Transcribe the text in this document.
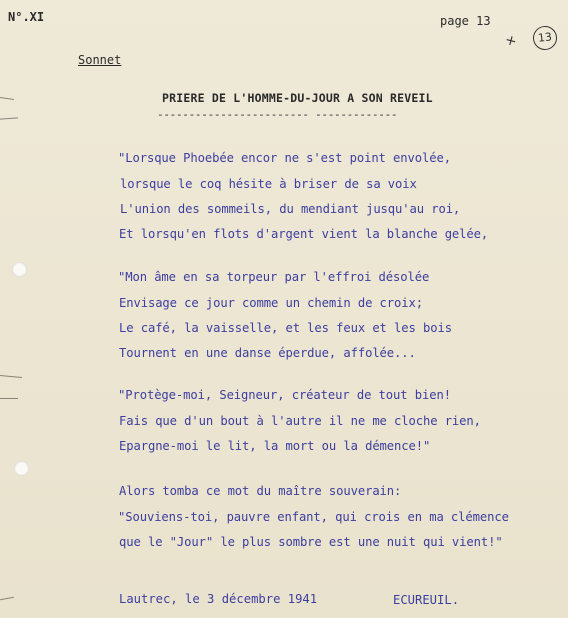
N°.XI	page 13
+	13
Sonnet
PRIERE DE L'HOMME-DU-JOUR A SON REVEIL
------------------------ -------------
"Lorsque Phoebée encor ne s'est point envolée,
lorsque le coq hésite à briser de sa voix
L'union des sommeils, du mendiant jusqu'au roi,
Et lorsqu'en flots d'argent vient la blanche gelée,
"Mon âme en sa torpeur par l'effroi désolée
Envisage ce jour comme un chemin de croix;
Le café, la vaisselle, et les feux et les bois
Tournent en une danse éperdue, affolée...
"Protège-moi, Seigneur, créateur de tout bien!
Fais que d'un bout à l'autre il ne me cloche rien,
Epargne-moi le lit, la mort ou la démence!"
Alors tomba ce mot du maître souverain:
"Souviens-toi, pauvre enfant, qui crois en ma clémence
que le "Jour" le plus sombre est une nuit qui vient!"
Lautrec, le 3 décembre 1941	ECUREUIL.
